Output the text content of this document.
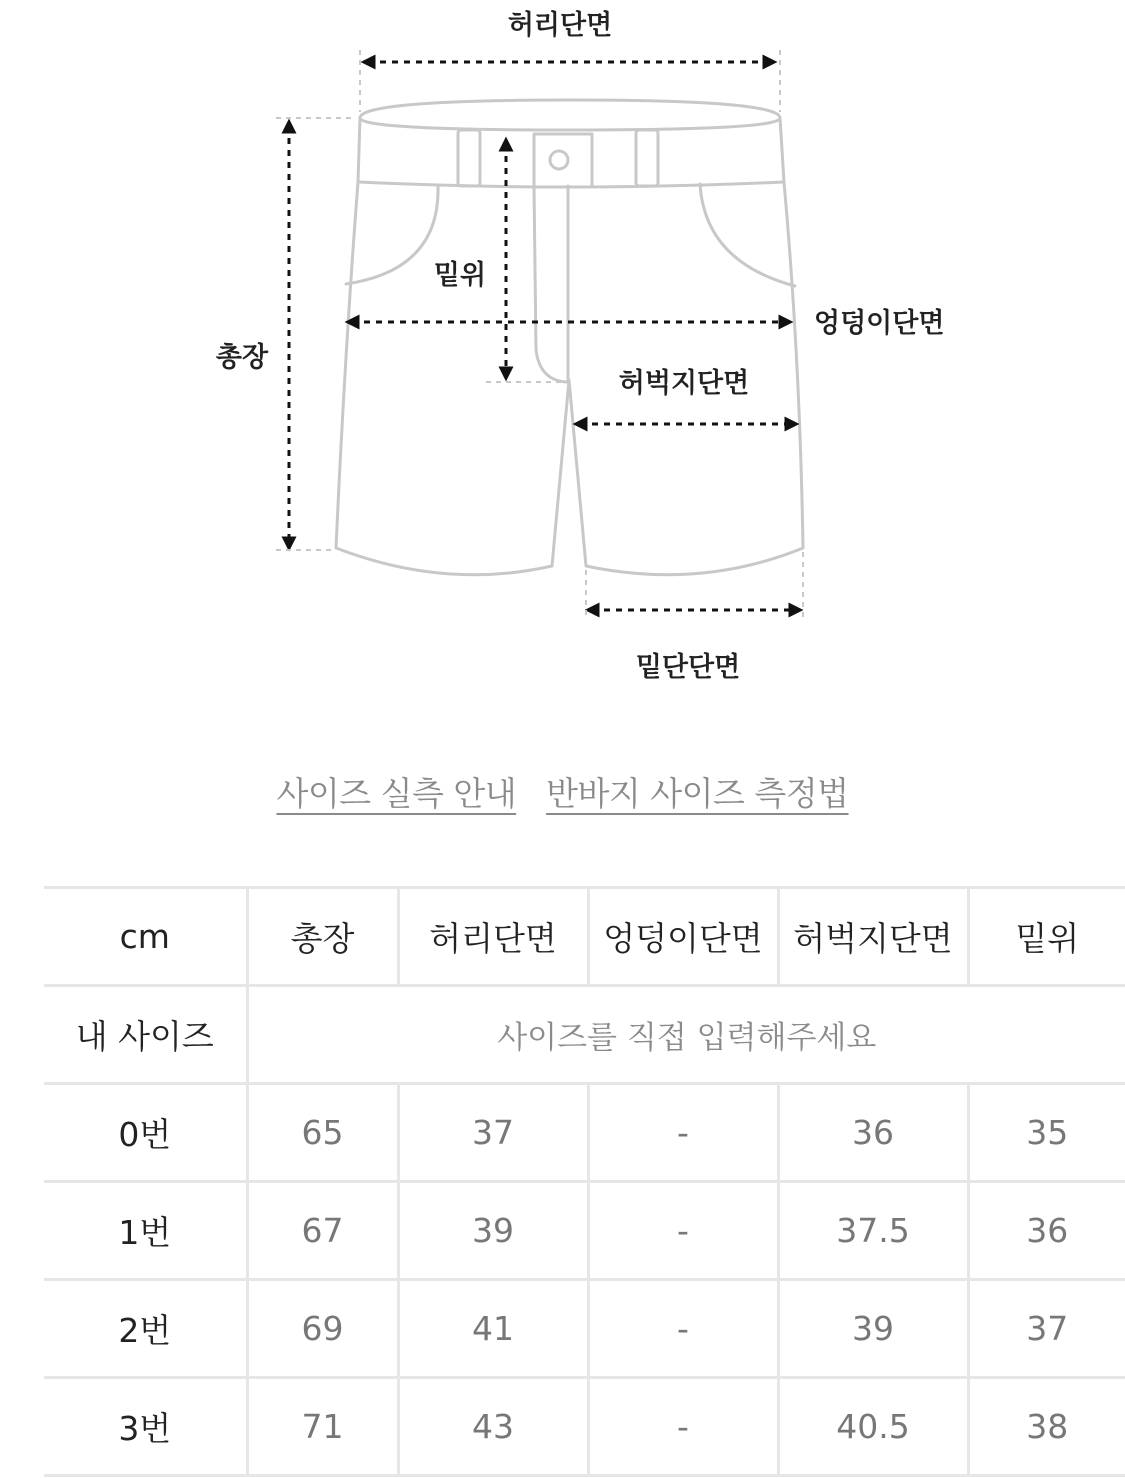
허리단면
밑위
총장
엉덩이단면
허벅지단면
밑단단면
사이즈 실측 안내 반바지 사이즈 측정법
cm	총장	허리단면	엉덩이단면	허벅지단면	밑위
내 사이즈	사이즈를 직접 입력해주세요				
0번	65	37	-	36	35
1번	67	39	-	37.5	36
2번	69	41	-	39	37
3번	71	43	-	40.5	38
